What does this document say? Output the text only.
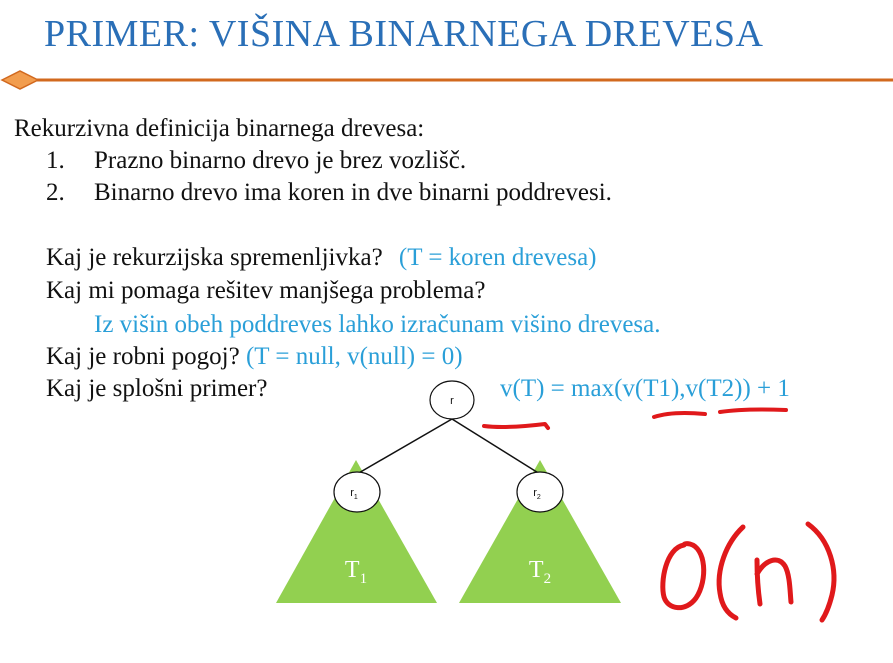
PRIMER: VIŠINA BINARNEGA DREVESA
Rekurzivna definicija binarnega drevesa:
1. Prazno binarno drevo je brez vozlišč.
2. Binarno drevo ima koren in dve binarni poddrevesi.
Kaj je rekurzijska spremenljivka? (T = koren drevesa)
Kaj mi pomaga rešitev manjšega problema?
Iz višin obeh poddreves lahko izračunam višino drevesa.
Kaj je robni pogoj? (T = null, v(null) = 0)
Kaj je splošni primer?	v(T) = max(v(T1),v(T2)) + 1
r
$r_1$	$r_2$
$T_1$	$T_2$
